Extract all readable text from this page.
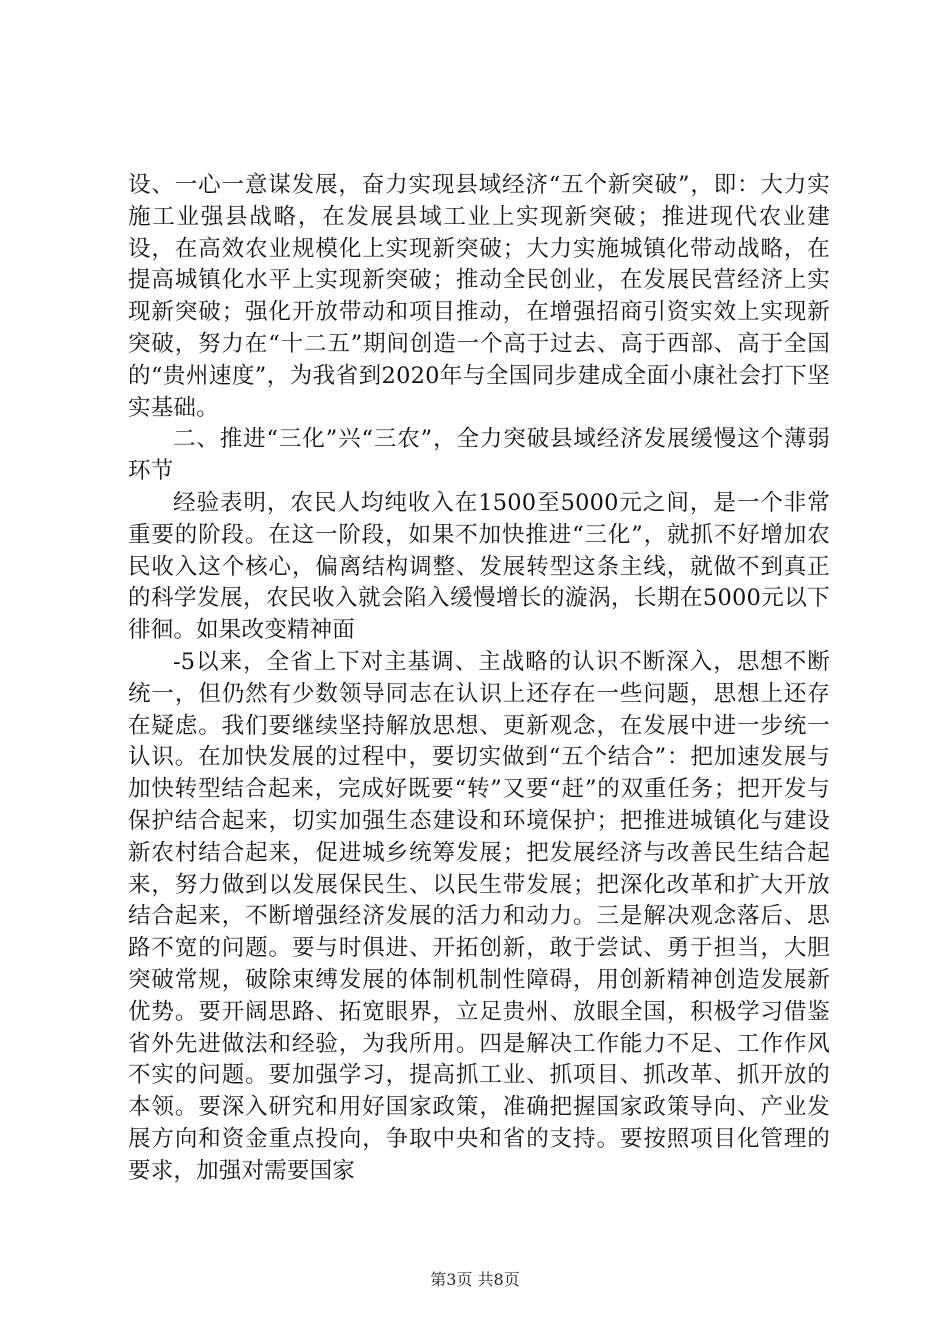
设、一心一意谋发展，奋力实现县域经济“五个新突破”，即：大力实施工业强县战略，在发展县域工业上实现新突破；推进现代农业建设，在高效农业规模化上实现新突破；大力实施城镇化带动战略，在提高城镇化水平上实现新突破；推动全民创业，在发展民营经济上实现新突破；强化开放带动和项目推动，在增强招商引资实效上实现新突破，努力在“十二五”期间创造一个高于过去、高于西部、高于全国的“贵州速度”，为我省到2020年与全国同步建成全面小康社会打下坚实基础。

二、推进“三化”兴“三农”，全力突破县域经济发展缓慢这个薄弱环节

经验表明，农民人均纯收入在1500至5000元之间，是一个非常重要的阶段。在这一阶段，如果不加快推进“三化”，就抓不好增加农民收入这个核心，偏离结构调整、发展转型这条主线，就做不到真正的科学发展，农民收入就会陷入缓慢增长的漩涡，长期在5000元以下徘徊。如果改变精神面

-5以来，全省上下对主基调、主战略的认识不断深入，思想不断统一，但仍然有少数领导同志在认识上还存在一些问题，思想上还存在疑虑。我们要继续坚持解放思想、更新观念，在发展中进一步统一认识。在加快发展的过程中，要切实做到“五个结合”：把加速发展与加快转型结合起来，完成好既要“转”又要“赶”的双重任务；把开发与保护结合起来，切实加强生态建设和环境保护；把推进城镇化与建设新农村结合起来，促进城乡统筹发展；把发展经济与改善民生结合起来，努力做到以发展保民生、以民生带发展；把深化改革和扩大开放结合起来，不断增强经济发展的活力和动力。三是解决观念落后、思路不宽的问题。要与时俱进、开拓创新，敢于尝试、勇于担当，大胆突破常规，破除束缚发展的体制机制性障碍，用创新精神创造发展新优势。要开阔思路、拓宽眼界，立足贵州、放眼全国，积极学习借鉴省外先进做法和经验，为我所用。四是解决工作能力不足、工作作风不实的问题。要加强学习，提高抓工业、抓项目、抓改革、抓开放的本领。要深入研究和用好国家政策，准确把握国家政策导向、产业发展方向和资金重点投向，争取中央和省的支持。要按照项目化管理的要求，加强对需要国家

第3页 共8页
